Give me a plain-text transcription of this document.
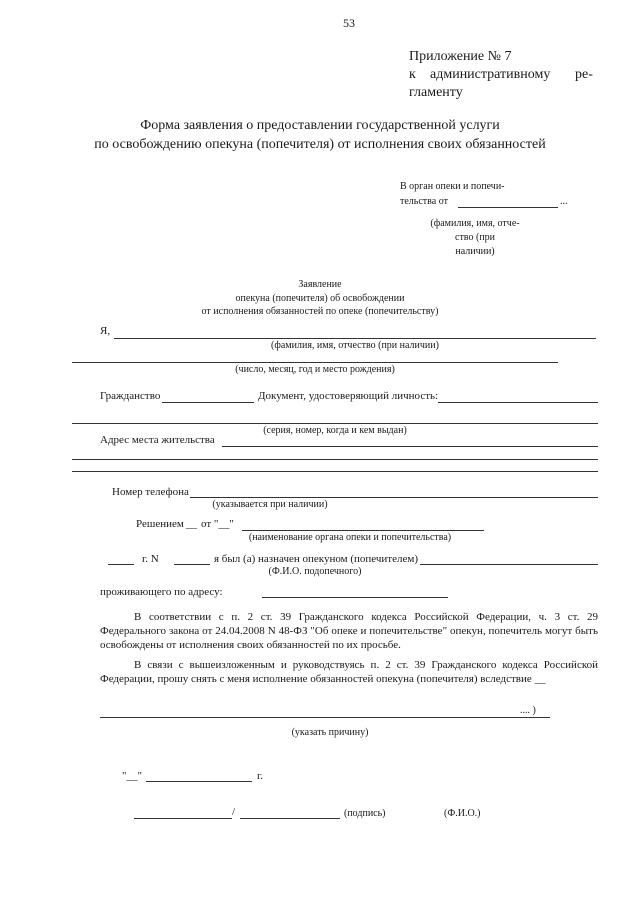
53
Приложение № 7
к административному ре-
гламенту
Форма заявления о предоставлении государственной услуги
по освобождению опекуна (попечителя) от исполнения своих обязанностей
В орган опеки и попечи-
тельства от	...
(фамилия, имя, отче-
ство (при
наличии)
Заявление
опекуна (попечителя) об освобождении
от исполнения обязанностей по опеке (попечительству)
Я,
(фамилия, имя, отчество (при наличии)
(число, месяц, год и место рождения)
Гражданство	Документ, удостоверяющий личность:
(серия, номер, когда и кем выдан)
Адрес места жительства
Номер телефона
(указывается при наличии)
Решением __ от "__"
(наименование органа опеки и попечительства)
г. N	я был (а) назначен опекуном (попечителем)
(Ф.И.О. подопечного)
проживающего по адресу:
В соответствии с п. 2 ст. 39 Гражданского кодекса Российской Федерации, ч. 3 ст. 29 Федерального закона от 24.04.2008 N 48-ФЗ "Об опеке и попечительстве" опекун, попечитель могут быть освобождены от исполнения своих обязанностей по их просьбе.
В связи с вышеизложенным и руководствуясь п. 2 ст. 39 Гражданского кодекса Российской Федерации, прошу снять с меня исполнение обязанностей опекуна (попечителя) вследствие __
.... )
(указать причину)
"__"	г.
/	(подпись)	(Ф.И.О.)
